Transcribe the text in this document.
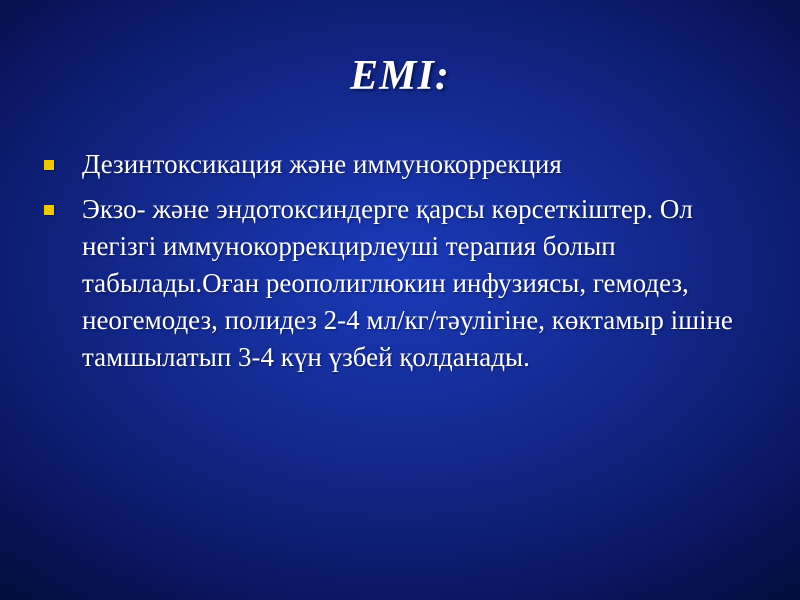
ЕМІ:
Дезинтоксикация және иммунокоррекция
Экзо- және эндотоксиндерге қарсы көрсеткіштер. Ол негізгі иммунокоррекцирлеуші терапия болып табылады.Оған реополиглюкин инфузиясы, гемодез, неогемодез, полидез 2-4 мл/кг/тәулігіне, көктамыр ішіне тамшылатып 3-4 күн үзбей қолданады.
